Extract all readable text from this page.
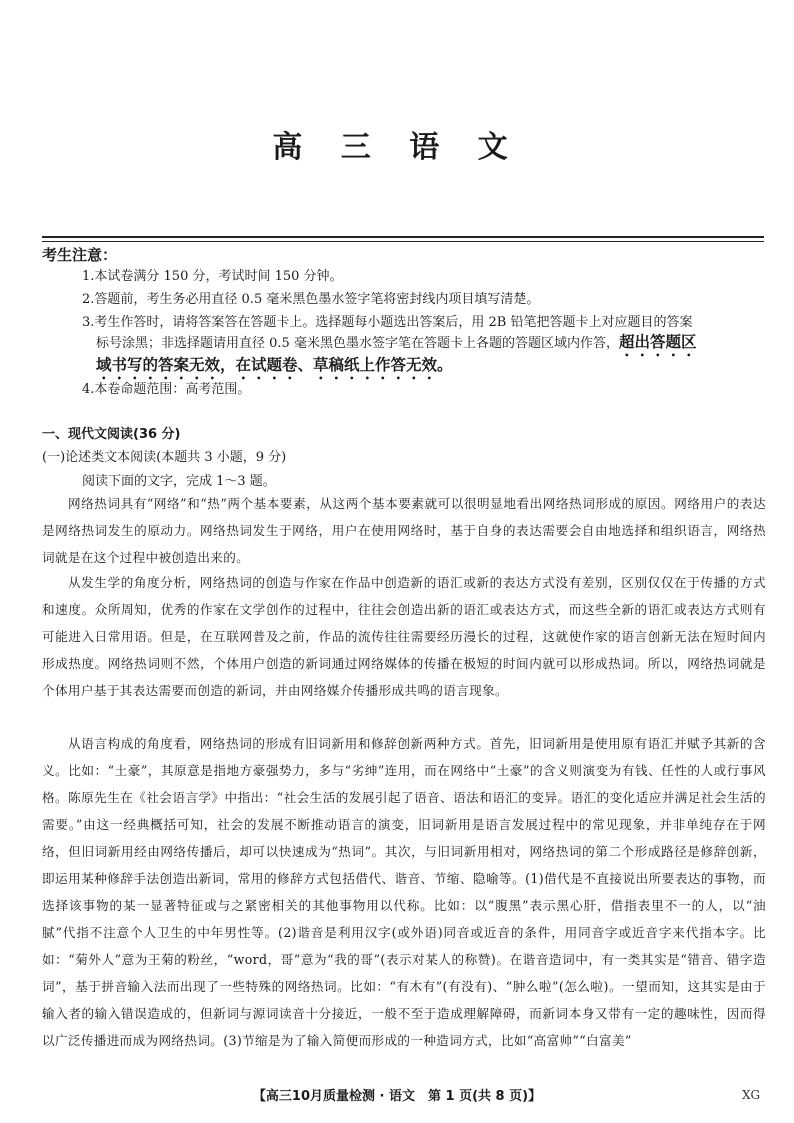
高 三 语 文
考生注意：
1.本试卷满分 150 分，考试时间 150 分钟。
2.答题前，考生务必用直径 0.5 毫米黑色墨水签字笔将密封线内项目填写清楚。
3.考生作答时，请将答案答在答题卡上。选择题每小题选出答案后，用 2B 铅笔把答题卡上对应题目的答案
标号涂黑；非选择题请用直径 0.5 毫米黑色墨水签字笔在答题卡上各题的答题区域内作答，超出答题区
域书写的答案无效，在试题卷、草稿纸上作答无效。
4.本卷命题范围：高考范围。
一、现代文阅读(36 分)
(一)论述类文本阅读(本题共 3 小题，9 分)
阅读下面的文字，完成 1～3 题。
网络热词具有“网络”和“热”两个基本要素，从这两个基本要素就可以很明显地看出网络热词形成的原因。网络用户的表达是网络热词发生的原动力。网络热词发生于网络，用户在使用网络时，基于自身的表达需要会自由地选择和组织语言，网络热词就是在这个过程中被创造出来的。
从发生学的角度分析，网络热词的创造与作家在作品中创造新的语汇或新的表达方式没有差别，区别仅仅在于传播的方式和速度。众所周知，优秀的作家在文学创作的过程中，往往会创造出新的语汇或表达方式，而这些全新的语汇或表达方式则有可能进入日常用语。但是，在互联网普及之前，作品的流传往往需要经历漫长的过程，这就使作家的语言创新无法在短时间内形成热度。网络热词则不然，个体用户创造的新词通过网络媒体的传播在极短的时间内就可以形成热词。所以，网络热词就是个体用户基于其表达需要而创造的新词，并由网络媒介传播形成共鸣的语言现象。
从语言构成的角度看，网络热词的形成有旧词新用和修辞创新两种方式。首先，旧词新用是使用原有语汇并赋予其新的含义。比如：“土豪”，其原意是指地方豪强势力，多与“劣绅”连用，而在网络中“土豪”的含义则演变为有钱、任性的人或行事风格。陈原先生在《社会语言学》中指出：“社会生活的发展引起了语音、语法和语汇的变异。语汇的变化适应并满足社会生活的需要。”由这一经典概括可知，社会的发展不断推动语言的演变，旧词新用是语言发展过程中的常见现象，并非单纯存在于网络，但旧词新用经由网络传播后，却可以快速成为“热词”。其次，与旧词新用相对，网络热词的第二个形成路径是修辞创新，即运用某种修辞手法创造出新词，常用的修辞方式包括借代、谐音、节缩、隐喻等。(1)借代是不直接说出所要表达的事物，而选择该事物的某一显著特征或与之紧密相关的其他事物用以代称。比如：以“腹黑”表示黑心肝，借指表里不一的人，以“油腻”代指不注意个人卫生的中年男性等。(2)谐音是利用汉字(或外语)同音或近音的条件，用同音字或近音字来代指本字。比如：“菊外人”意为王菊的粉丝，“word，哥”意为“我的哥”(表示对某人的称赞)。在谐音造词中，有一类其实是“错音、错字造词”，基于拼音输入法而出现了一些特殊的网络热词。比如：“有木有”(有没有)、“肿么啦”(怎么啦)。一望而知，这其实是由于输入者的输入错误造成的，但新词与源词读音十分接近，一般不至于造成理解障碍，而新词本身又带有一定的趣味性，因而得以广泛传播进而成为网络热词。(3)节缩是为了输入简便而形成的一种造词方式，比如“高富帅”“白富美”
【高三10月质量检测 · 语文　第 1 页(共 8 页)】	XG
